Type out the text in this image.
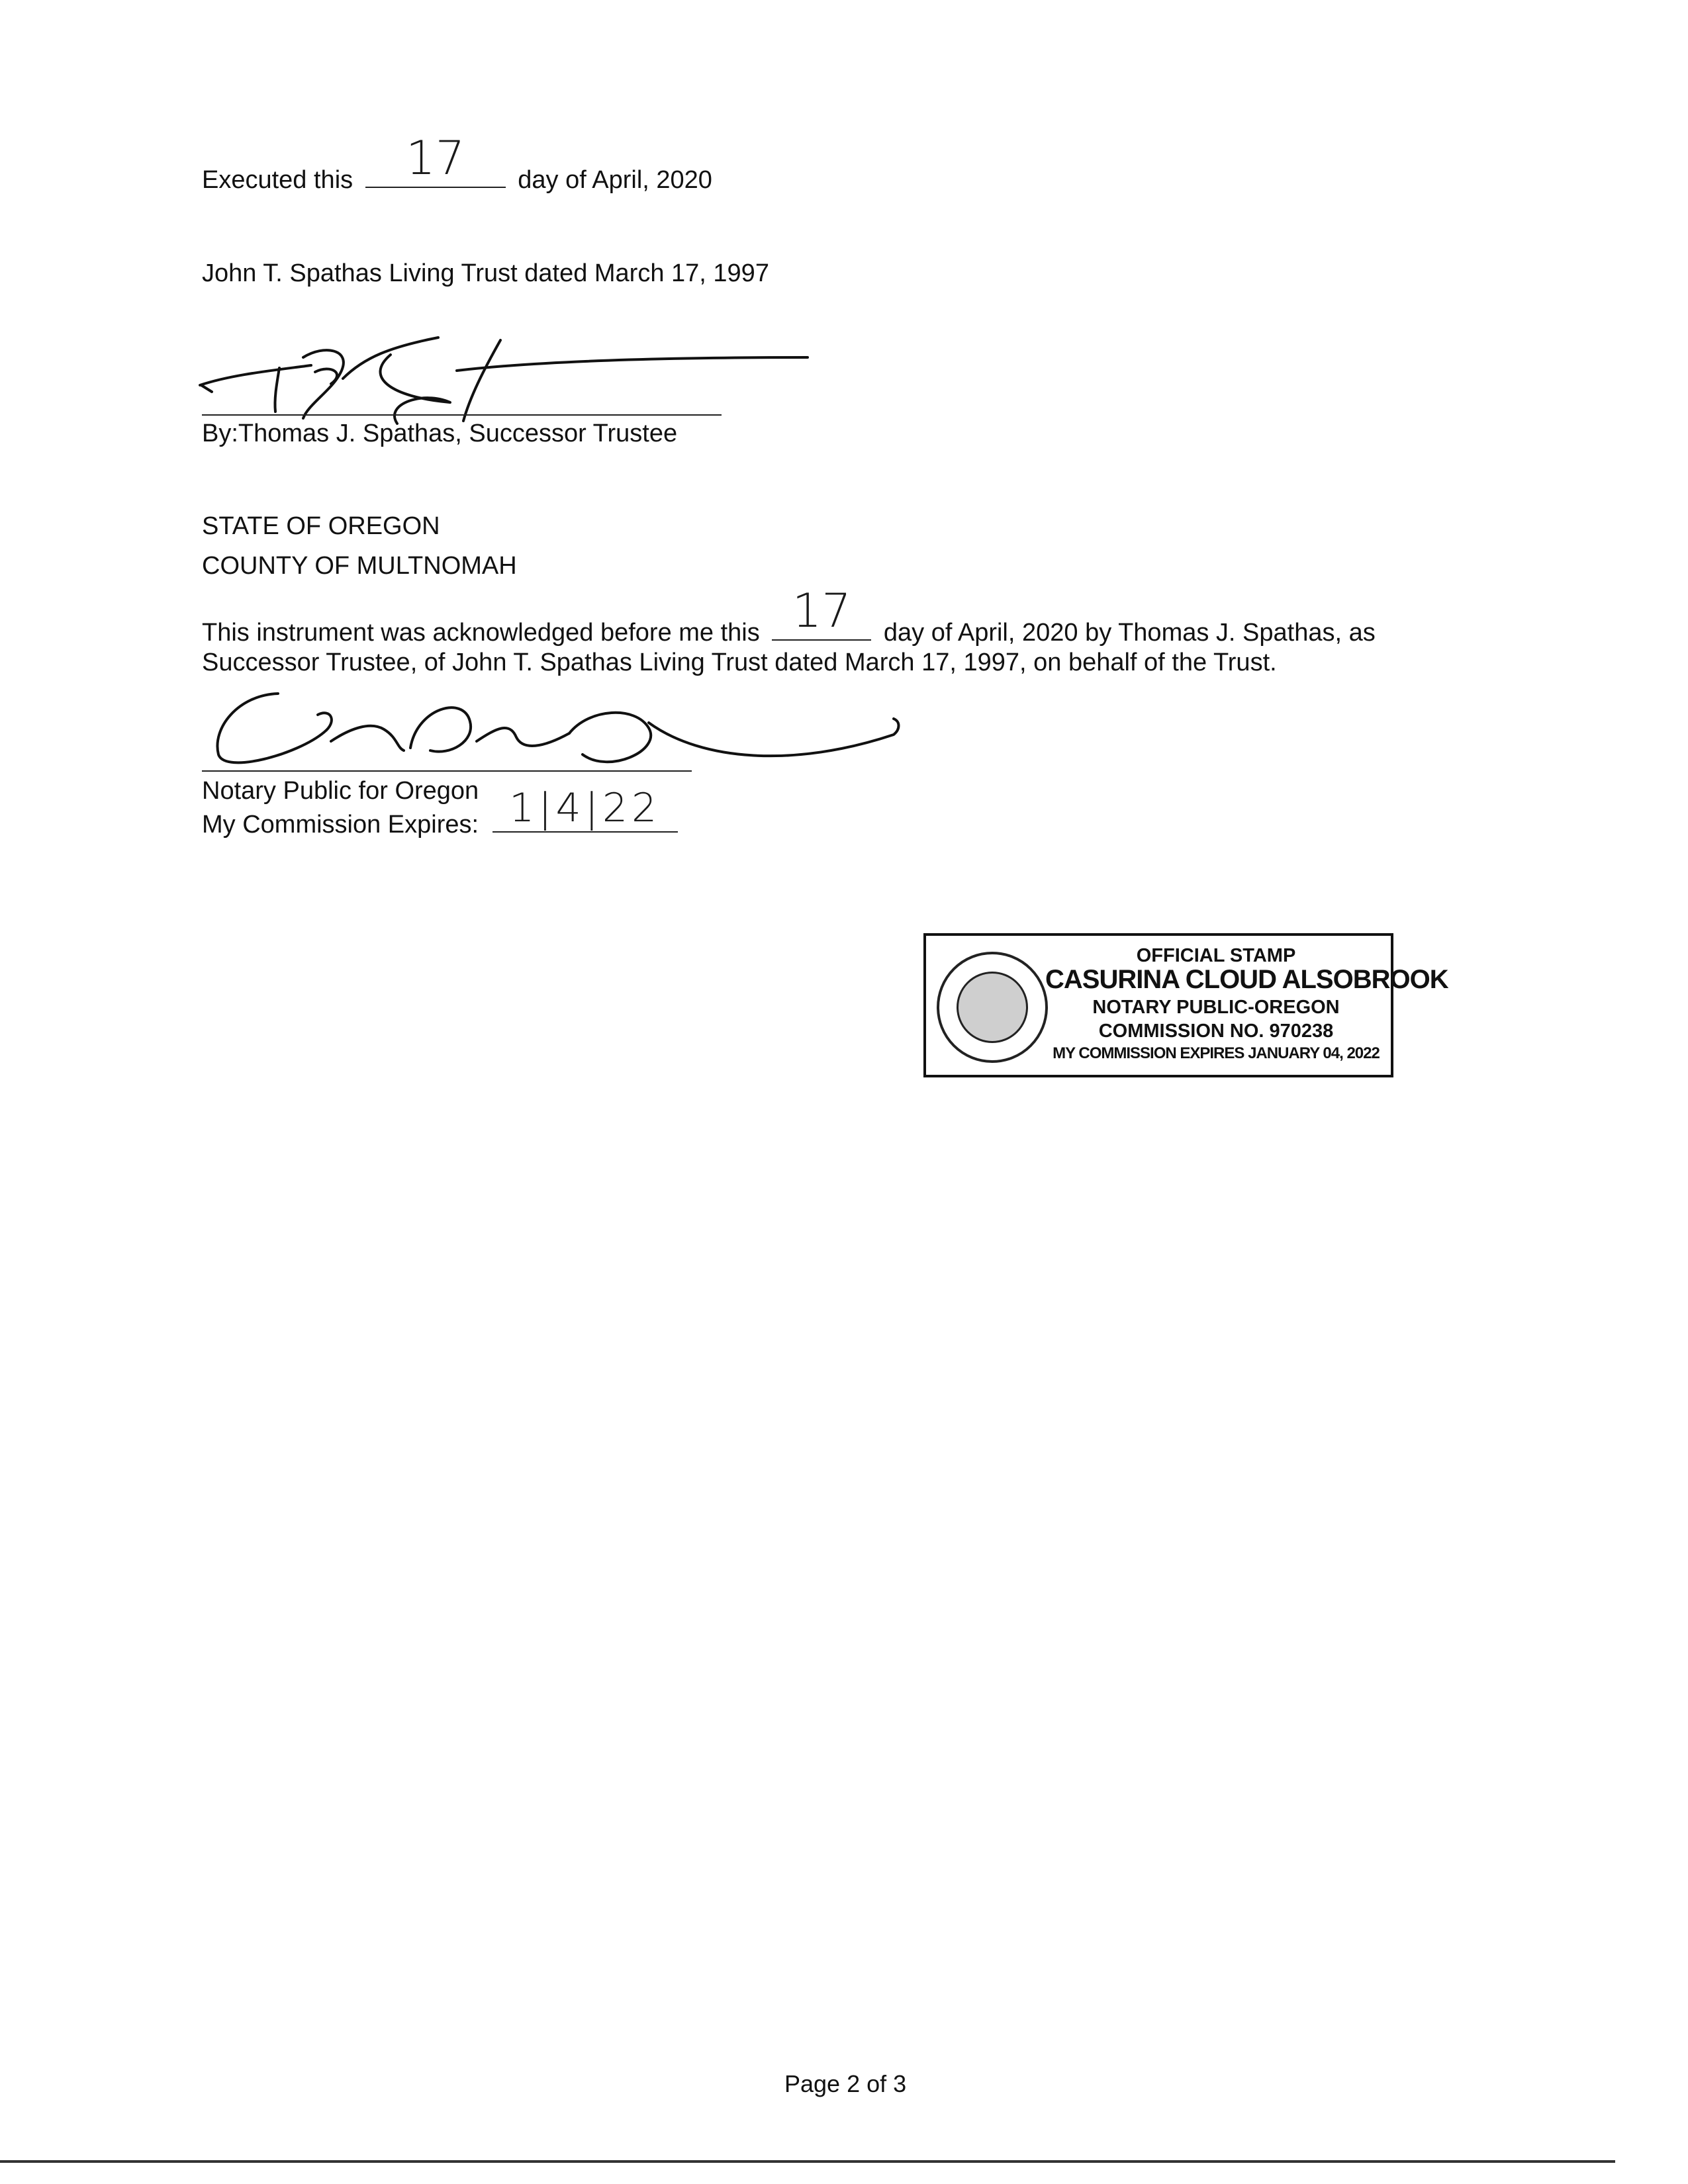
Executed this	17	day of April, 2020
John T. Spathas Living Trust dated March 17, 1997
By:Thomas J. Spathas, Successor Trustee
STATE OF OREGON
COUNTY OF MULTNOMAH
This instrument was acknowledged before me this 17	day of April, 2020 by Thomas J. Spathas, as
Successor Trustee, of John T. Spathas Living Trust dated March 17, 1997, on behalf of the Trust.
Notary Public for Oregon
My Commission Expires: 1|4|22
OFFICIAL STAMP
CASURINA CLOUD ALSOBROOK
NOTARY PUBLIC-OREGON
COMMISSION NO. 970238
MY COMMISSION EXPIRES JANUARY 04, 2022
Page 2 of 3
